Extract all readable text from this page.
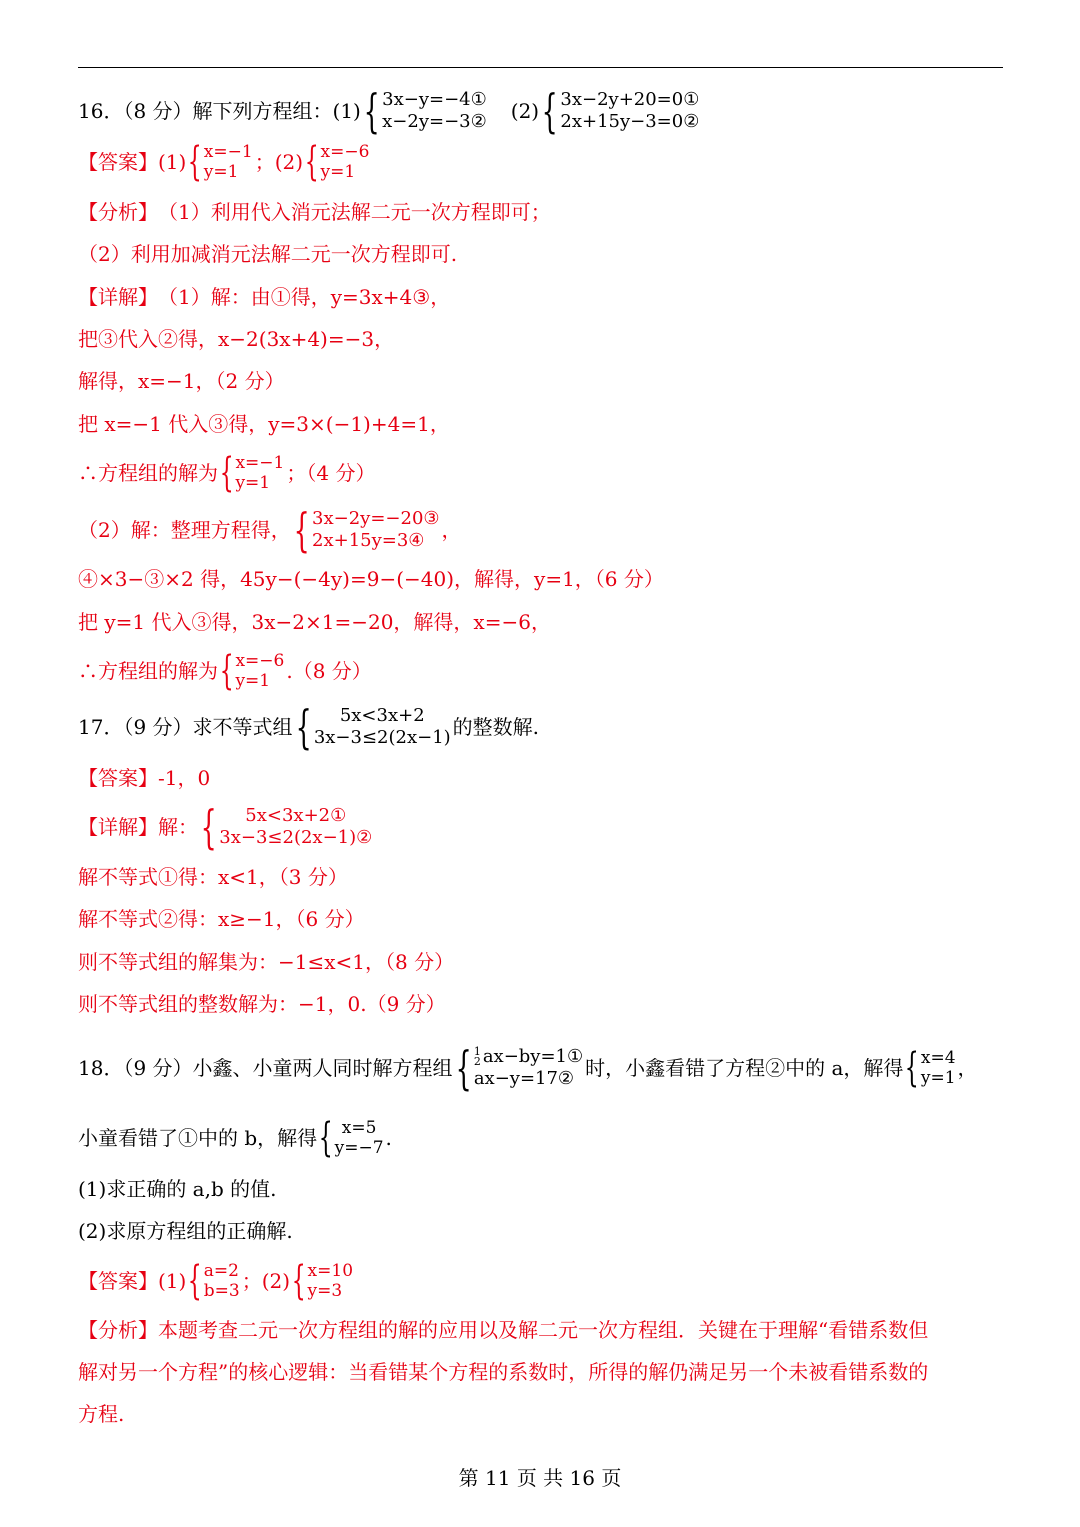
16．（8 分）解下列方程组：(1) { 3x−y=−4①
x−2y=−3② (2) { 3x−2y+20=0①
2x+15y−3=0②
【答案】 (1) { x=−1
y=1 ；(2) { x=−6
y=1
【分析】 （1）利用代入消元法解二元一次方程即可；
（2）利用加减消元法解二元一次方程即可.
【详解】 （1）解：由①得，y=3x+4③，
把③代入②得，x−2(3x+4)=−3，
解得，x=−1，（2 分）
把 x=−1 代入③得，y=3×(−1)+4=1，
∴方程组的解为 { x=−1
y=1 ；（4 分）
（2）解：整理方程得， { 3x−2y=−20③
2x+15y=3④ ，
④×3−③×2 得，45y−(−4y)=9−(−40)，解得，y=1，（6 分）
把 y=1 代入③得，3x−2×1=−20，解得，x=−6，
∴方程组的解为 { x=−6
y=1 .（8 分）
17．（9 分）求不等式组 {	5x<3x+2
3x−3≤2(2x−1) 的整数解.
【答案】 -1，0
【详解】 解： {	5x<3x+2①
3x−3≤2(2x−1)②
解不等式①得：x<1，（3 分）
解不等式②得：x≥−1，（6 分）
则不等式组的解集为：−1≤x<1，（8 分）
则不等式组的整数解为：−1，0.（9 分）
18．（9 分）小鑫、小童两人同时解方程组 { 1
2 ax−by=1①
ax−y=17② 时，小鑫看错了方程②中的 a，解得 { x=4
y=1 ，
小童看错了①中的 b，解得 { x=5
y=−7 .
(1)求正确的 a,b 的值.
(2)求原方程组的正确解.
【答案】 (1) { a=2
b=3 ；(2) { x=10
y=3
【分析】 本题考查二元一次方程组的解的应用以及解二元一次方程组．关键在于理解“看错系数但
解对另一个方程”的核心逻辑：当看错某个方程的系数时，所得的解仍满足另一个未被看错系数的
方程.
第 11 页 共 16 页
